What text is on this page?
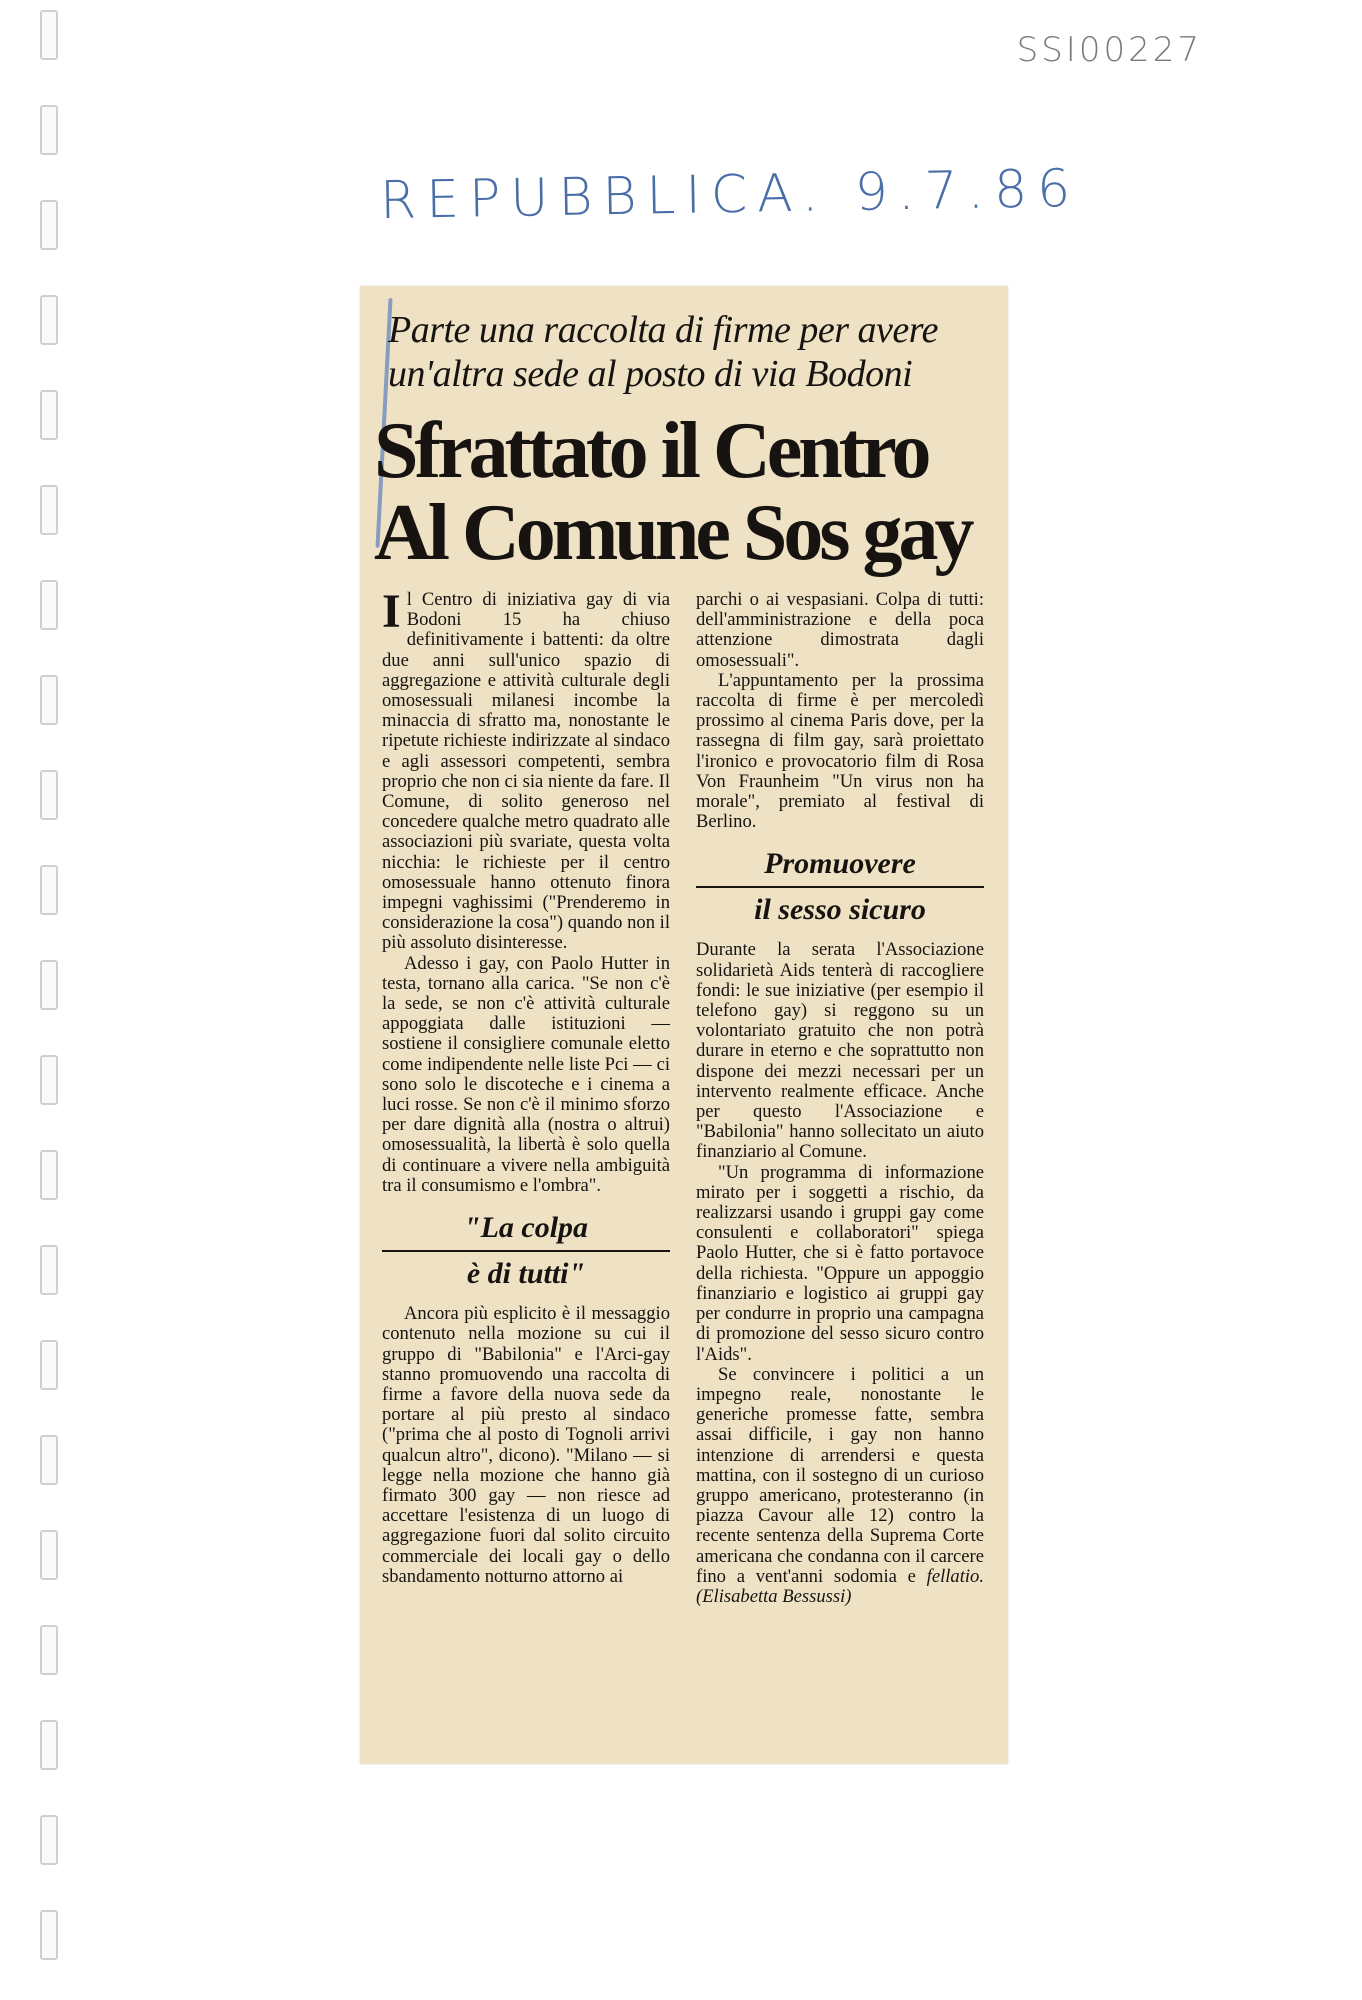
SSI00227
REPUBBLICA. 9.7.86
Parte una raccolta di firme per avere un'altra sede al posto di via Bodoni
Sfrattato il Centro
Al Comune Sos gay

Il Centro di iniziativa gay di via Bodoni 15 ha chiuso definitivamente i battenti: da oltre due anni sull'unico spazio di aggregazione e attività culturale degli omosessuali milanesi incombe la minaccia di sfratto ma, nonostante le ripetute richieste indirizzate al sindaco e agli assessori competenti, sembra proprio che non ci sia niente da fare. Il Comune, di solito generoso nel concedere qualche metro quadrato alle associazioni più svariate, questa volta nicchia: le richieste per il centro omosessuale hanno ottenuto finora impegni vaghissimi ("Prenderemo in considerazione la cosa") quando non il più assoluto disinteresse.

Adesso i gay, con Paolo Hutter in testa, tornano alla carica. "Se non c'è la sede, se non c'è attività culturale appoggiata dalle istituzioni — sostiene il consigliere comunale eletto come indipendente nelle liste Pci — ci sono solo le discoteche e i cinema a luci rosse. Se non c'è il minimo sforzo per dare dignità alla (nostra o altrui) omosessualità, la libertà è solo quella di continuare a vivere nella ambiguità tra il consumismo e l'ombra".

"La colpa
è di tutti"

Ancora più esplicito è il messaggio contenuto nella mozione su cui il gruppo di "Babilonia" e l'Arci-gay stanno promuovendo una raccolta di firme a favore della nuova sede da portare al più presto al sindaco ("prima che al posto di Tognoli arrivi qualcun altro", dicono). "Milano — si legge nella mozione che hanno già firmato 300 gay — non riesce ad accettare l'esistenza di un luogo di aggregazione fuori dal solito circuito commerciale dei locali gay o dello sbandamento notturno attorno ai

parchi o ai vespasiani. Colpa di tutti: dell'amministrazione e della poca attenzione dimostrata dagli omosessuali".

L'appuntamento per la prossima raccolta di firme è per mercoledì prossimo al cinema Paris dove, per la rassegna di film gay, sarà proiettato l'ironico e provocatorio film di Rosa Von Fraunheim "Un virus non ha morale", premiato al festival di Berlino.

Promuovere
il sesso sicuro

Durante la serata l'Associazione solidarietà Aids tenterà di raccogliere fondi: le sue iniziative (per esempio il telefono gay) si reggono su un volontariato gratuito che non potrà durare in eterno e che soprattutto non dispone dei mezzi necessari per un intervento realmente efficace. Anche per questo l'Associazione e "Babilonia" hanno sollecitato un aiuto finanziario al Comune.

"Un programma di informazione mirato per i soggetti a rischio, da realizzarsi usando i gruppi gay come consulenti e collaboratori" spiega Paolo Hutter, che si è fatto portavoce della richiesta. "Oppure un appoggio finanziario e logistico ai gruppi gay per condurre in proprio una campagna di promozione del sesso sicuro contro l'Aids".

Se convincere i politici a un impegno reale, nonostante le generiche promesse fatte, sembra assai difficile, i gay non hanno intenzione di arrendersi e questa mattina, con il sostegno di un curioso gruppo americano, protesteranno (in piazza Cavour alle 12) contro la recente sentenza della Suprema Corte americana che condanna con il carcere fino a vent'anni sodomia e fellatio. (Elisabetta Bessussi)
